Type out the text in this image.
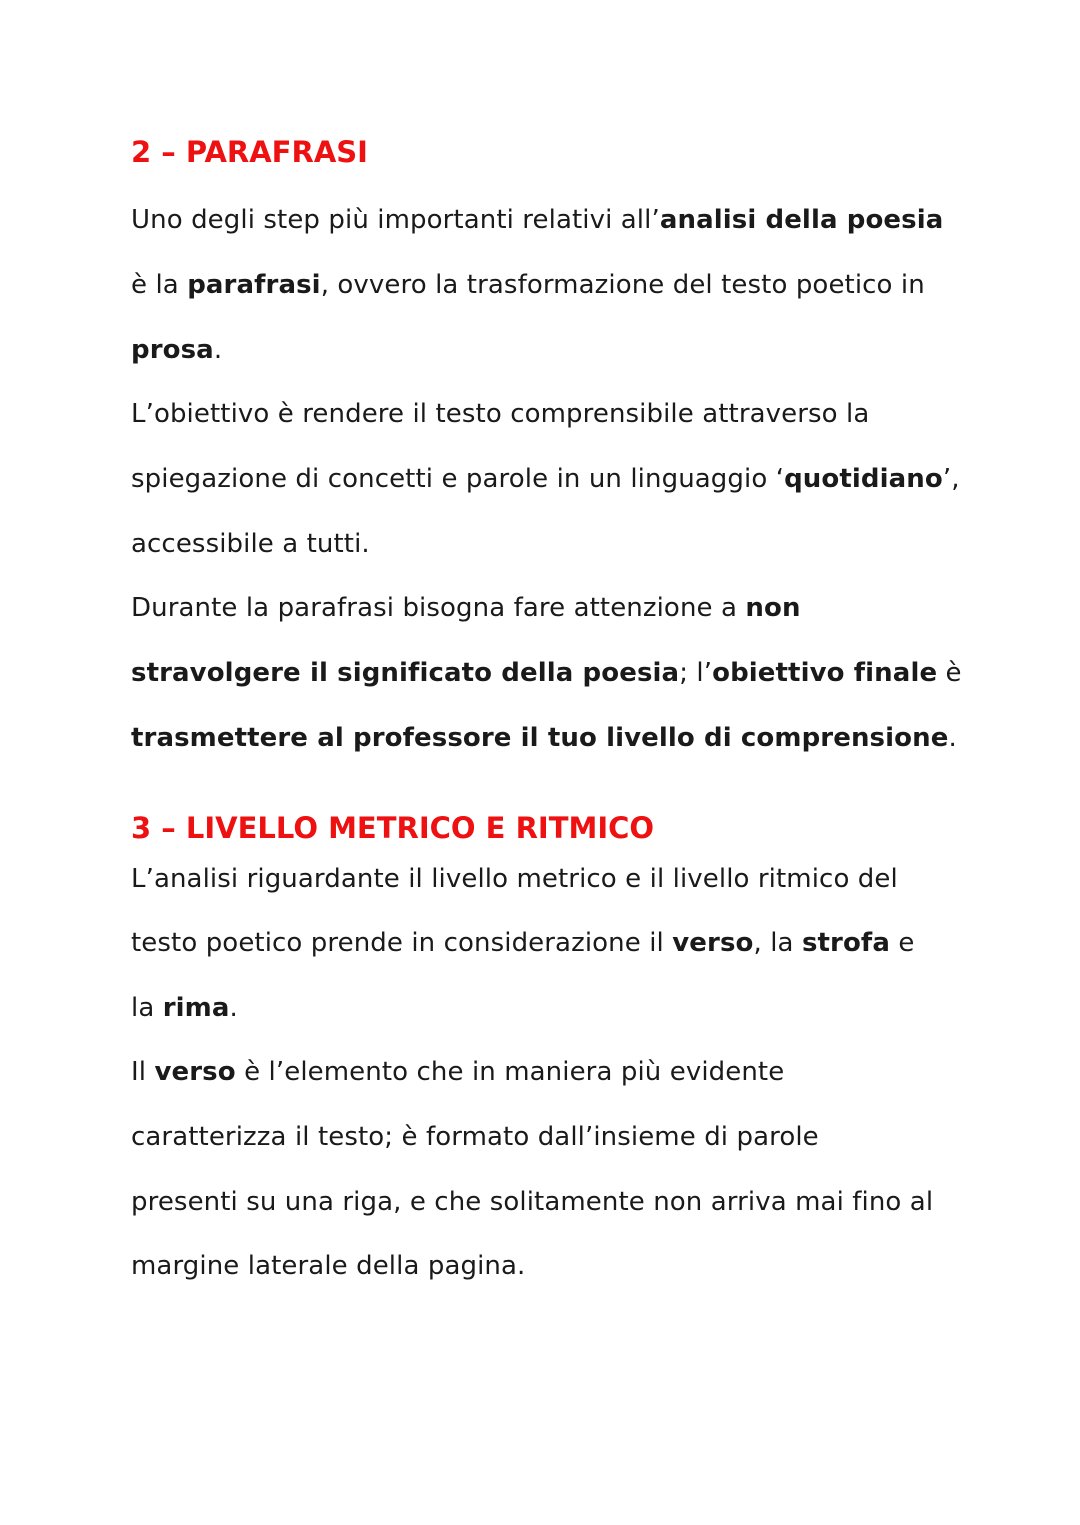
2 – PARAFRASI

Uno degli step più importanti relativi all’analisi della poesia

è la parafrasi, ovvero la trasformazione del testo poetico in

prosa.

L’obiettivo è rendere il testo comprensibile attraverso la

spiegazione di concetti e parole in un linguaggio ‘quotidiano’,

accessibile a tutti.

Durante la parafrasi bisogna fare attenzione a non

stravolgere il significato della poesia; l’obiettivo finale è

trasmettere al professore il tuo livello di comprensione.

3 – LIVELLO METRICO E RITMICO

L’analisi riguardante il livello metrico e il livello ritmico del

testo poetico prende in considerazione il verso, la strofa e

la rima.

Il verso è l’elemento che in maniera più evidente

caratterizza il testo; è formato dall’insieme di parole

presenti su una riga, e che solitamente non arriva mai fino al

margine laterale della pagina.
